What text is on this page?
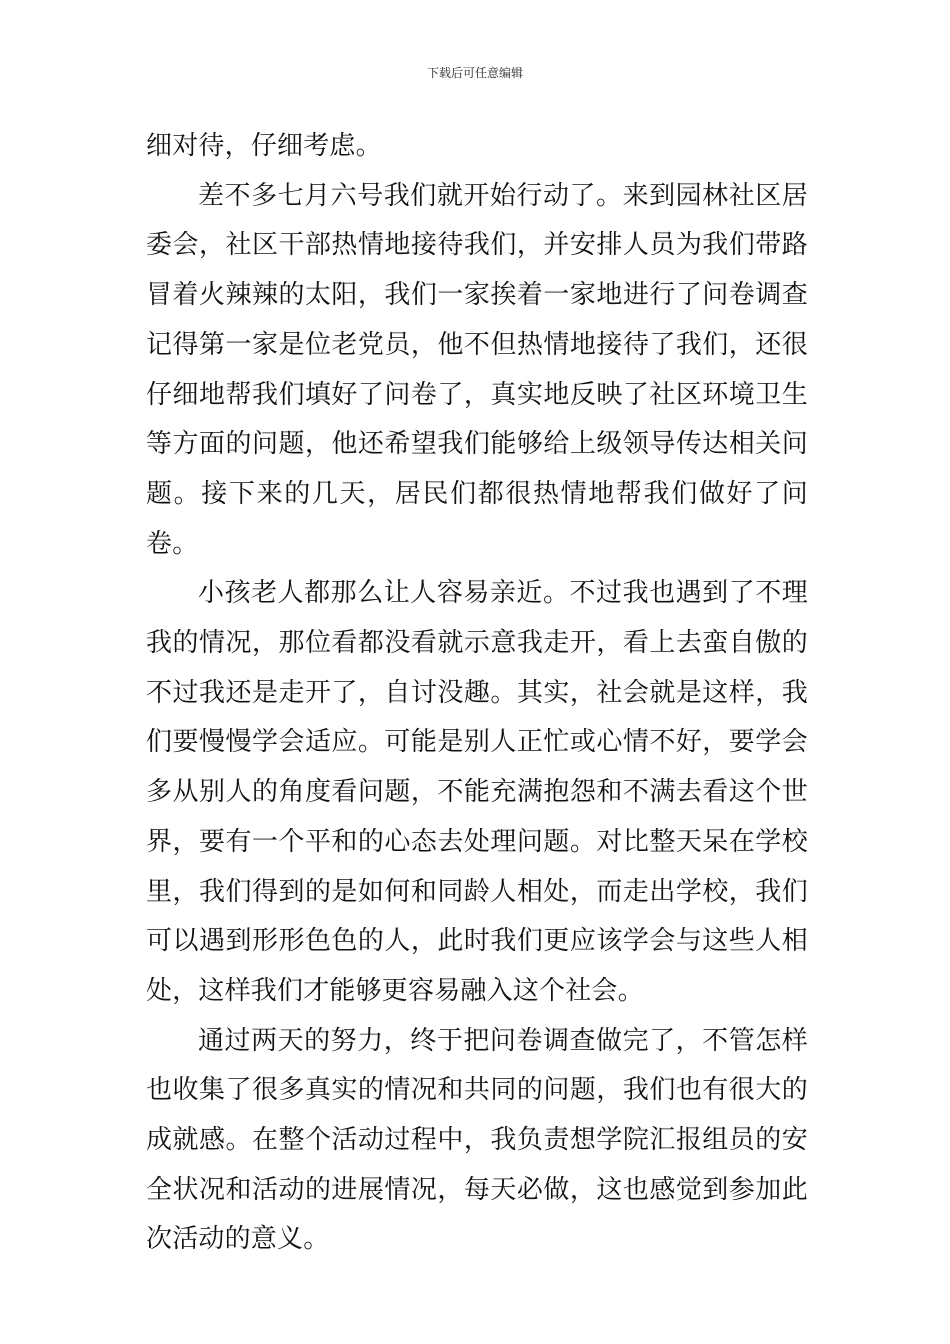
下载后可任意编辑

细对待，仔细考虑。

差不多七月六号我们就开始行动了。来到园林社区居委会，社区干部热情地接待我们，并安排人员为我们带路冒着火辣辣的太阳，我们一家挨着一家地进行了问卷调查记得第一家是位老党员，他不但热情地接待了我们，还很仔细地帮我们填好了问卷了，真实地反映了社区环境卫生等方面的问题，他还希望我们能够给上级领导传达相关问题。接下来的几天，居民们都很热情地帮我们做好了问卷。

小孩老人都那么让人容易亲近。不过我也遇到了不理我的情况，那位看都没看就示意我走开，看上去蛮自傲的不过我还是走开了，自讨没趣。其实，社会就是这样，我们要慢慢学会适应。可能是别人正忙或心情不好，要学会多从别人的角度看问题，不能充满抱怨和不满去看这个世界，要有一个平和的心态去处理问题。对比整天呆在学校里，我们得到的是如何和同龄人相处，而走出学校，我们可以遇到形形色色的人，此时我们更应该学会与这些人相处，这样我们才能够更容易融入这个社会。

通过两天的努力，终于把问卷调查做完了，不管怎样也收集了很多真实的情况和共同的问题，我们也有很大的成就感。在整个活动过程中，我负责想学院汇报组员的安全状况和活动的进展情况，每天必做，这也感觉到参加此次活动的意义。
